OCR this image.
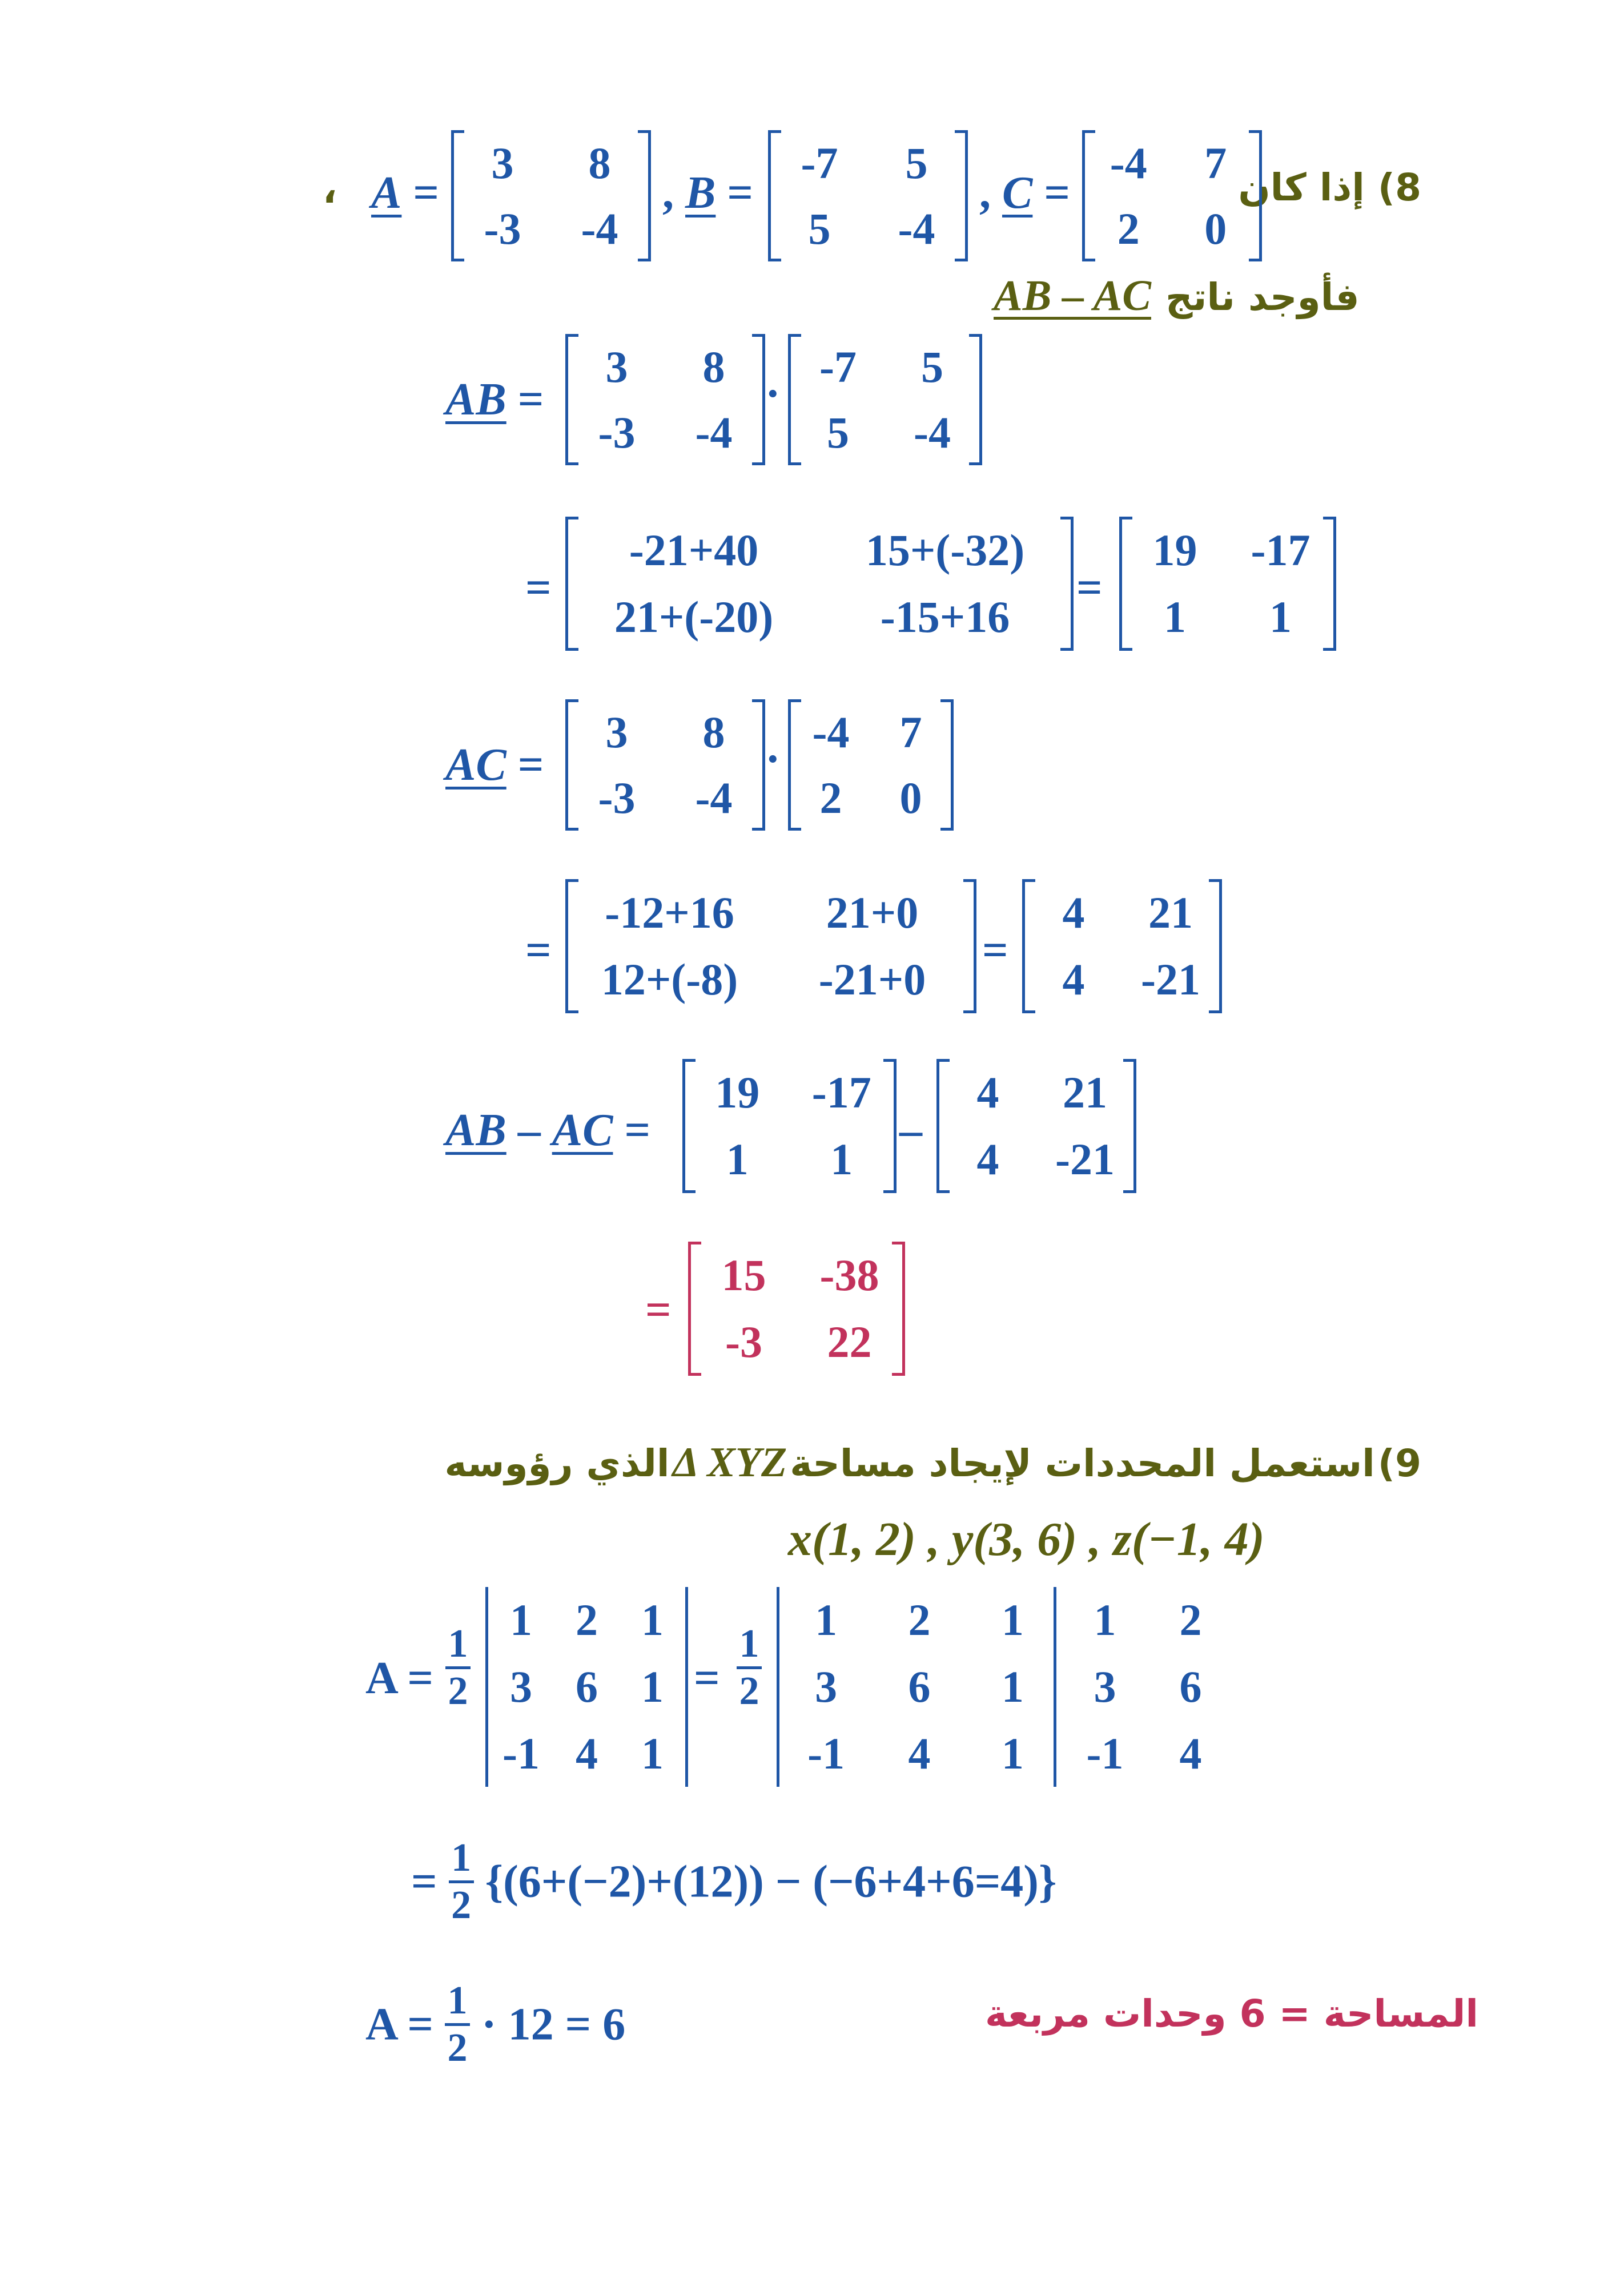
8) إذا كان
، A =
3 8
-3 -4
, B =
-7 5
5 -4
, C =
-4 7
2 0
AB – AC فأوجد ناتج
AB =
3 8
-3 -4
·
-7 5
5 -4
=
-21+40 15+(-32)
21+(-20) -15+16
=
19 -17
1 1
AC =
3 8
-3 -4
·
-4 7
2 0
=
-12+16 21+0
12+(-8) -21+0
=
4 21
4 -21
AB – AC =
19 -17
1 1
–
4 21
4 -21
=
15 -38
-3 22
9) استعمل المحددات لإيجاد مساحة Δ XYZ الذي رؤوسه
x(1, 2) , y(3, 6) , z(−1, 4)
A =
1
2
1 2 1
3 6 1
-1 4 1
=
1
2
1 2 1
3 6 1
-1 4 1
1 2
3 6
-1 4
= 1
2 {(6+(−2)+(12)) − (−6+4+6=4)}
A = 1
2 · 12 = 6	المساحة = 6 وحدات مربعة
